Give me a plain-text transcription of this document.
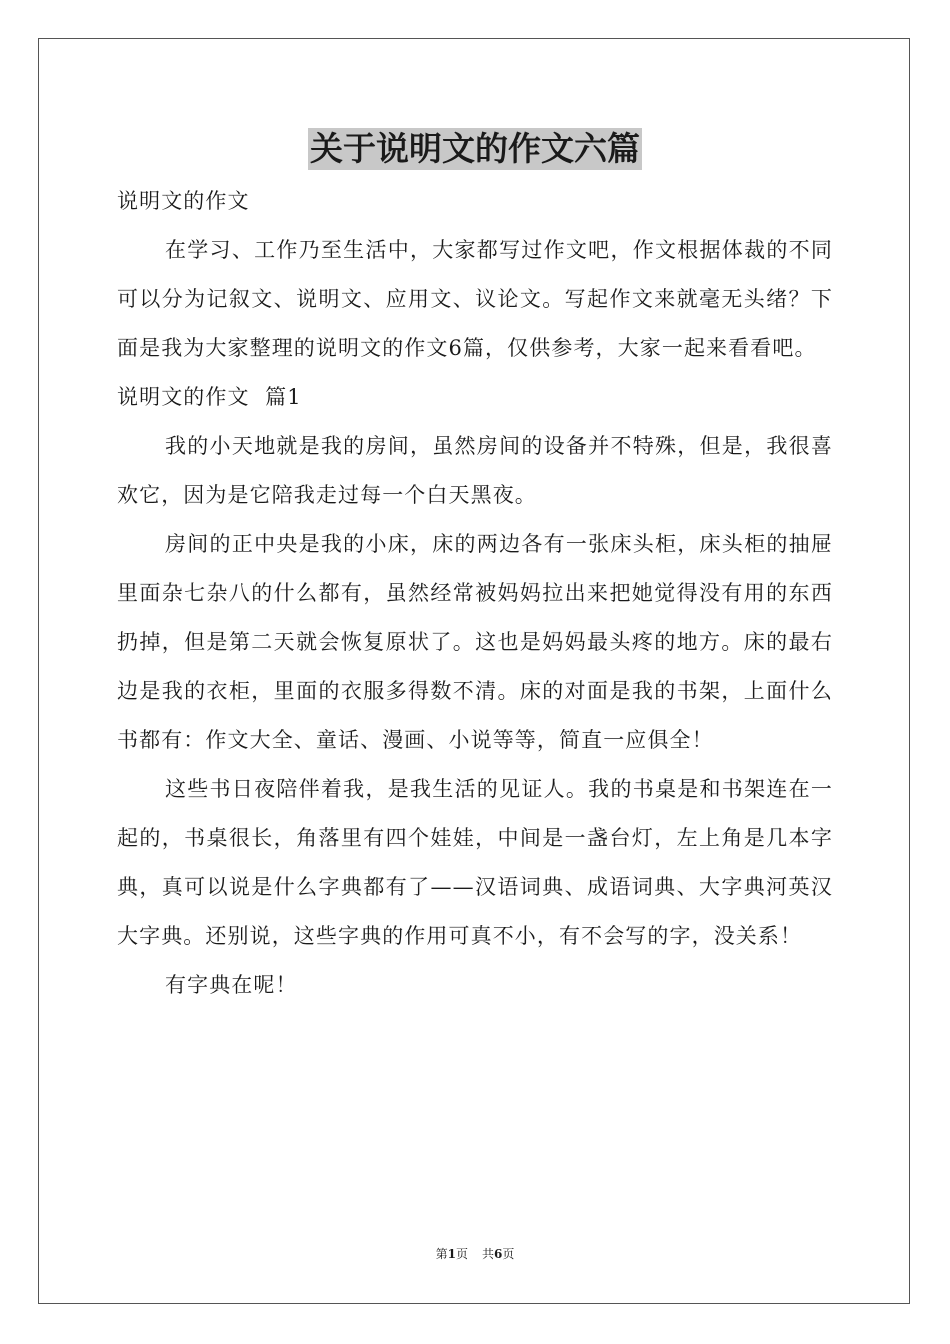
关于说明文的作文六篇

说明文的作文

在学习、工作乃至生活中，大家都写过作文吧，作文根据体裁的不同可以分为记叙文、说明文、应用文、议论文。写起作文来就毫无头绪？下面是我为大家整理的说明文的作文6篇，仅供参考，大家一起来看看吧。

说明文的作文  篇1

我的小天地就是我的房间，虽然房间的设备并不特殊，但是，我很喜欢它，因为是它陪我走过每一个白天黑夜。

房间的正中央是我的小床，床的两边各有一张床头柜，床头柜的抽屉里面杂七杂八的什么都有，虽然经常被妈妈拉出来把她觉得没有用的东西扔掉，但是第二天就会恢复原状了。这也是妈妈最头疼的地方。床的最右边是我的衣柜，里面的衣服多得数不清。床的对面是我的书架，上面什么书都有：作文大全、童话、漫画、小说等等，简直一应俱全！

这些书日夜陪伴着我，是我生活的见证人。我的书桌是和书架连在一起的，书桌很长，角落里有四个娃娃，中间是一盏台灯，左上角是几本字典，真可以说是什么字典都有了——汉语词典、成语词典、大字典河英汉大字典。还别说，这些字典的作用可真不小，有不会写的字，没关系！

有字典在呢！

第1页 共6页
